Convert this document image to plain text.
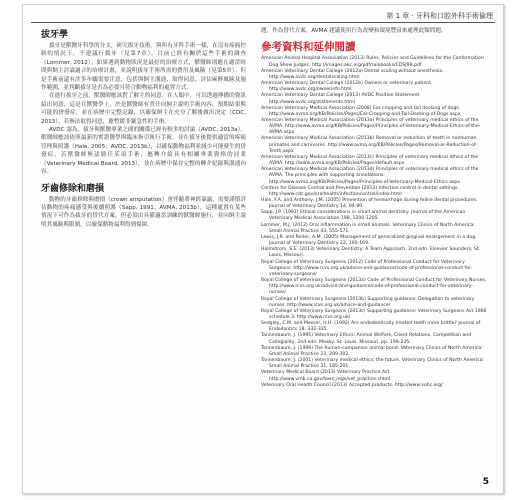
第 1 章 · 牙科和口腔外科手術倫理
拔牙學

拔牙是獸醫牙科學的分支，研究拔牙技術。與所有牙科手術一樣，在沒有疼痛控制的情況下，不建議行拔牙（見第7章）。目前已經有關於這些手術的調查（Lommer, 2012）。如果遇到動物狀況是最好的治療方式，獸醫師則應在適當時間與飼主討論適合的治療計畫，並說明拔牙手術所需的費用及風險（見第5章）。但是手術前還有許多步驟需要注意，包括與飼主溝通、取得同意、評估麻醉風險及施作範圍，並判斷拔牙是否為必要且符合動物福利的處置方式。

在進行拔牙之前，獸醫師應該對了解主的同意。在人類中，可以透過傳播的資訊給出同意，這是在獸醫學上，於是獸醫師有責任向飼主說明手術內容、預期結果與可能的併發症，並在病歷中完整記錄，以確保飼主在充分了解後做出決定（CDC, 2013）。若無法取得同意，應暫緩非緊急性的手術。

AVDC 認為，拔牙與獸醫專業之間的關係已經有較多的討論（AVDC, 2013a）。獸醫師應該依照最新的實證醫學與臨床指引執行手術，並在拔牙後提供適當的疼痛管理與照護（Hale, 2005；AVDC, 2013b），以確保動物福利並減少可能發生的併發症。若獸醫師無法勝任某項手術，應轉介給具有相關專業資格的同業（Veterinary Medical Board, 2013），並在病歷中保存完整的轉介紀錄與溝通內容。

牙齒修除和磨損

動物的牙齒修除與磨損（crown amputation）會伴隨著神經暴露，需要謹慎評估動物的疼痛感受與後續照護（Sapp, 1991；AVMA, 2013b）。這種處置在某些情況下可作為拔牙的替代方案，但必須由具備適當訓練的獸醫師施行，並向飼主說明其風險與限制，以確保動物福利得到保障。

題，作為替代方案，AVMA 建議使用行為改變和環境豐富來處理此類問題。

參考資料和延伸閱讀

American Animal Hospital Association (2013) Rules, Policies and Guidelines for the Conformation Dog Show Judges. http://images.akc.org/pdf/rulebooks/CDSJ99.pdf

American Veterinary Dental College (2012a) Dental scaling without anesthesia. http://www.avdc.org/dentalscaling.html

American Veterinary Dental College (2012b) Owners or veterinary patient. http://www.avdc.org/ownerinfo.html

American Veterinary Dental College (2013) AVDC Position Statement. http://www.avdc.org/statements.html

American Veterinary Medical Association (2008) Ear cropping and tail docking of dogs. http://www.avma.org/KB/Policies/Pages/Ear-Cropping-and-Tail-Docking-of-Dogs.aspx

American Veterinary Medical Association (2013a) Principles of veterinary medical ethics of the AVMA. http://www.avma.org/KB/Policies/Pages/Principles-of-Veterinary-Medical-Ethics-of-the-AVMA.aspx

American Veterinary Medical Association (2013b) Removal or reduction of teeth in nonhuman primates and carnivores. http://www.avma.org/KB/Policies/Pages/Removal-or-Reduction-of-Teeth.aspx

American Veterinary Medical Association (2013c) Principles of veterinary medical ethics of the AVMA. http://www.avma.org/KB/Policies/Pages/default.aspx

American Veterinary Medical Association (2013d) Principles of veterinary medical ethics of the AVMA. The principles with supporting annotations. http://www.avma.org/KB/Policies/Pages/Principles-of-Veterinary-Medical-Ethics.aspx

Centers for Disease Control and Prevention (2013) Infection control in dental settings. http://www.cdc.gov/oralhealth/infectioncontrol/index.html

Hale, F.A. and Anthony, J.M. (2005) Prevention of hemorrhage during feline dental procedures. Journal of Veterinary Dentistry 14, 84-90.

Sapp, J.P. (1991) Ethical considerations in small animal dentistry. Journal of the American Veterinary Medical Association 198, 1200-1205.

Lommer, M.J. (2012) Oral inflammation in small animals. Veterinary Clinics of North America: Small Animal Practice 43, 555-571.

Lewis, J.R. and Reiter, A.M. (2005) Management of generalized gingival enlargement in a dog. Journal of Veterinary Dentistry 22, 160-169.

Holmstrom, S.E. (2013) Veterinary Dentistry: A Team Approach, 2nd edn. Elsevier Saunders, St. Louis, Missouri.

Royal College of Veterinary Surgeons (2012) Code of Professional Conduct for Veterinary Surgeons. http://www.rcvs.org.uk/advice-and-guidance/code-of-professional-conduct-for-veterinary-surgeons/

Royal College of Veterinary Surgeons (2013a) Code of Professional Conduct for Veterinary Nurses. http://www.rcvs.org.uk/advice-and-guidance/code-of-professional-conduct-for-veterinary-nurses/

Royal College of Veterinary Surgeons (2013b) Supporting guidance: Delegation to veterinary nurses. http://www.rcvs.org.uk/advice-and-guidance/

Royal College of Veterinary Surgeons (2013c) Supporting guidance: Veterinary Surgeons Act 1966 schedule 3. http://www.rcvs.org.uk/

Sedgley, C.M. and Messer, H.H. (1992) Are endodontically treated teeth more brittle? Journal of Endodontics 18, 332-335.

Tannenbaum, J. (1995) Veterinary Ethics: Animal Welfare, Client Relations, Competition and Collegiality, 2nd edn. Mosby, St. Louis, Missouri, pp. 199-235.

Tannenbaum, J. (1999) The human-companion animal bond. Veterinary Clinics of North America: Small Animal Practice 23, 289-302.

Tannenbaum, J. (2001) Veterinary medical ethics: the future. Veterinary Clinics of North America: Small Animal Practice 31, 185-201.

Veterinary Medical Board (2013) Veterinary Practice Act. http://www.vmb.ca.gov/laws_regs/vet_practice.shtml

Veterinary Oral Health Council (2013) Accepted products. http://www.vohc.org/

5
